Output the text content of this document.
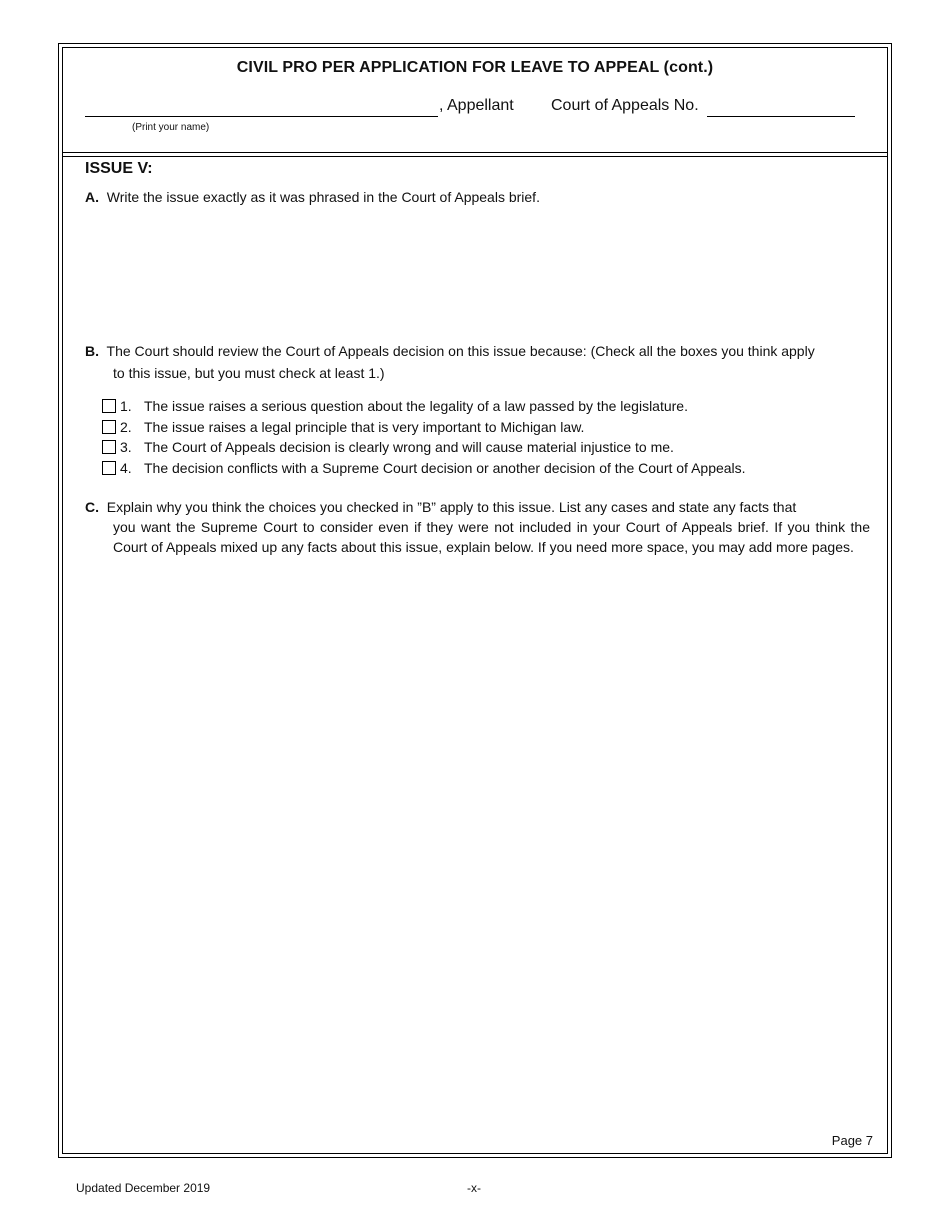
CIVIL PRO PER APPLICATION FOR LEAVE TO APPEAL (cont.)
, Appellant Court of Appeals No.
(Print your name)
ISSUE V:
A. Write the issue exactly as it was phrased in the Court of Appeals brief.
B. The Court should review the Court of Appeals decision on this issue because: (Check all the boxes you think apply
to this issue, but you must check at least 1.)
1. The issue raises a serious question about the legality of a law passed by the legislature.
2. The issue raises a legal principle that is very important to Michigan law.
3. The Court of Appeals decision is clearly wrong and will cause material injustice to me.
4. The decision conflicts with a Supreme Court decision or another decision of the Court of Appeals.
C. Explain why you think the choices you checked in ”B” apply to this issue. List any cases and state any facts that
you want the Supreme Court to consider even if they were not included in your Court of Appeals brief. If you think the Court of Appeals mixed up any facts about this issue, explain below. If you need more space, you may add more pages.
Page 7
Updated December 2019	-x-
